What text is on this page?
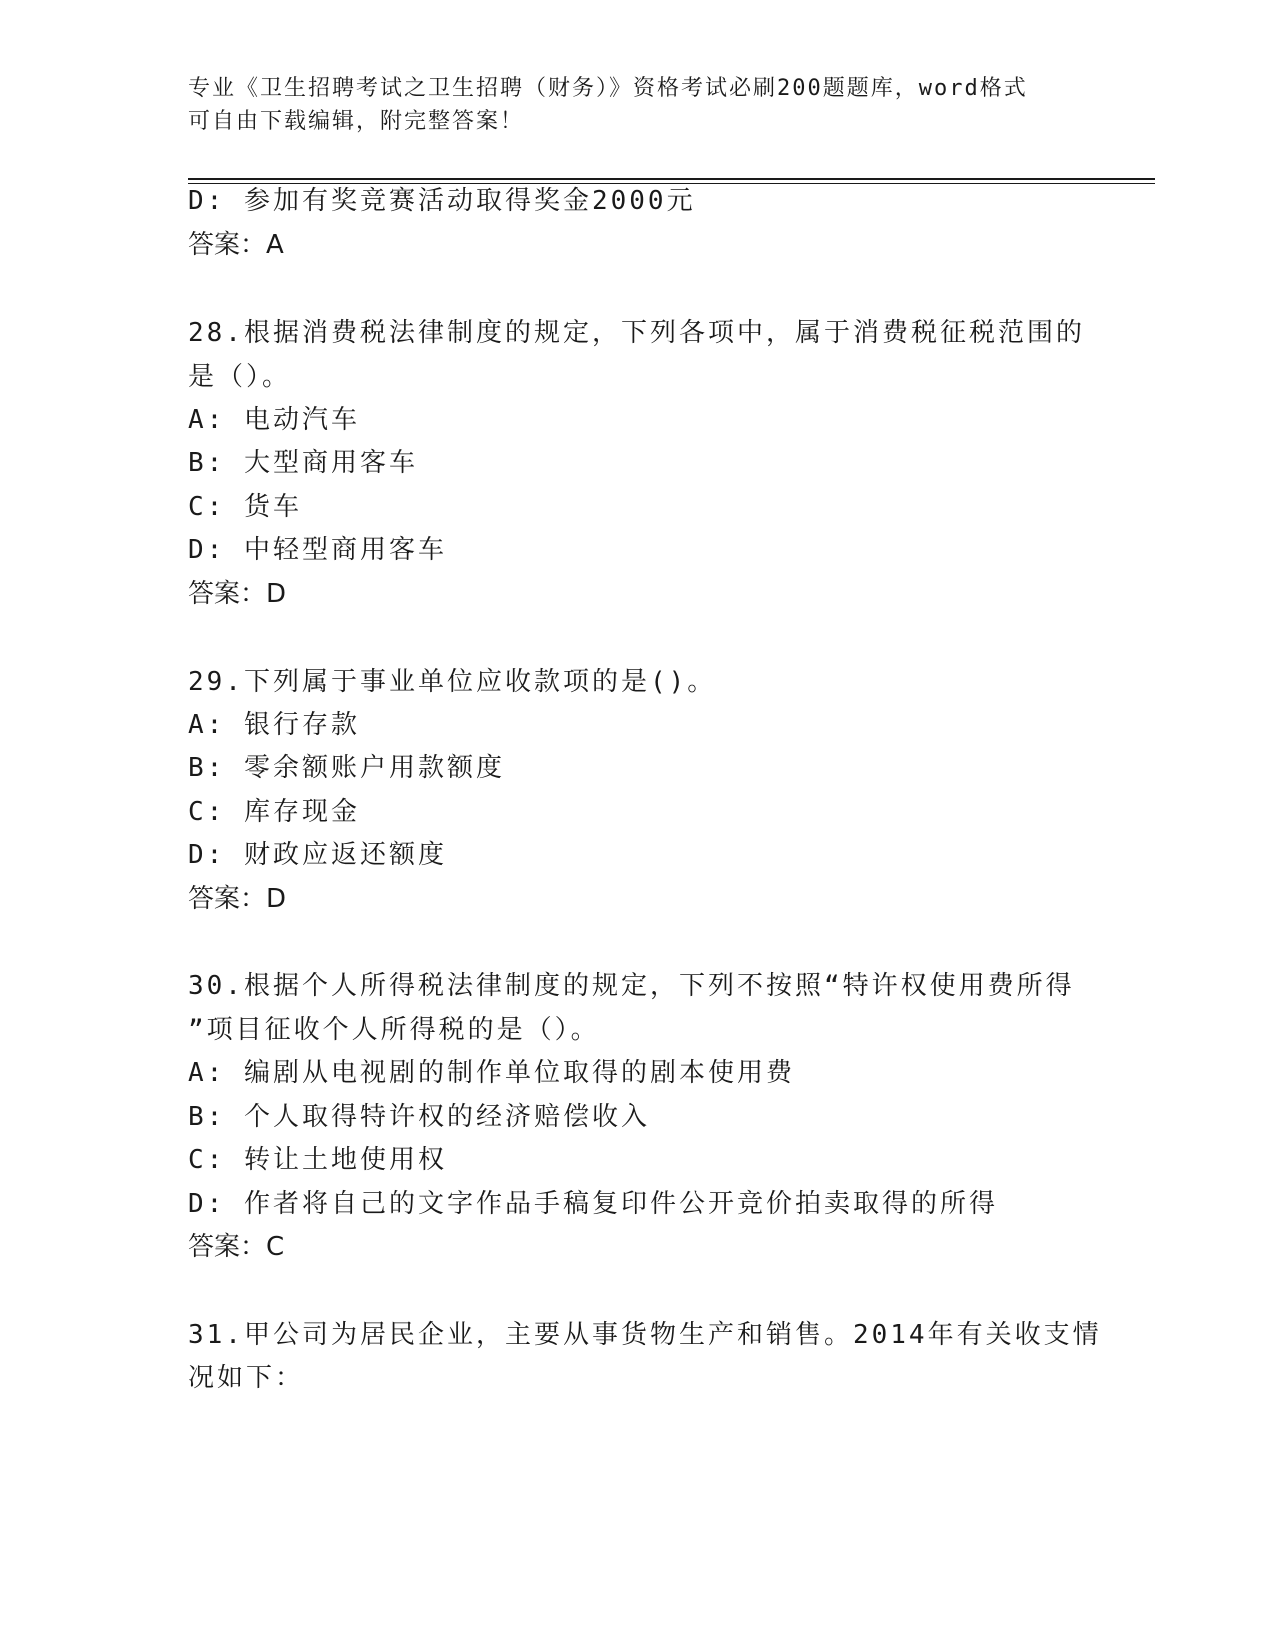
专业《卫生招聘考试之卫生招聘（财务）》资格考试必刷200题题库，word格式
可自由下载编辑，附完整答案！
D: 参加有奖竞赛活动取得奖金2000元
答案：A
28.根据消费税法律制度的规定，下列各项中，属于消费税征税范围的
是（）。
A: 电动汽车
B: 大型商用客车
C: 货车
D: 中轻型商用客车
答案：D
29.下列属于事业单位应收款项的是()。
A: 银行存款
B: 零余额账户用款额度
C: 库存现金
D: 财政应返还额度
答案：D
30.根据个人所得税法律制度的规定，下列不按照“特许权使用费所得
”项目征收个人所得税的是（）。
A: 编剧从电视剧的制作单位取得的剧本使用费
B: 个人取得特许权的经济赔偿收入
C: 转让土地使用权
D: 作者将自己的文字作品手稿复印件公开竞价拍卖取得的所得
答案：C
31.甲公司为居民企业，主要从事货物生产和销售。2014年有关收支情
况如下：
